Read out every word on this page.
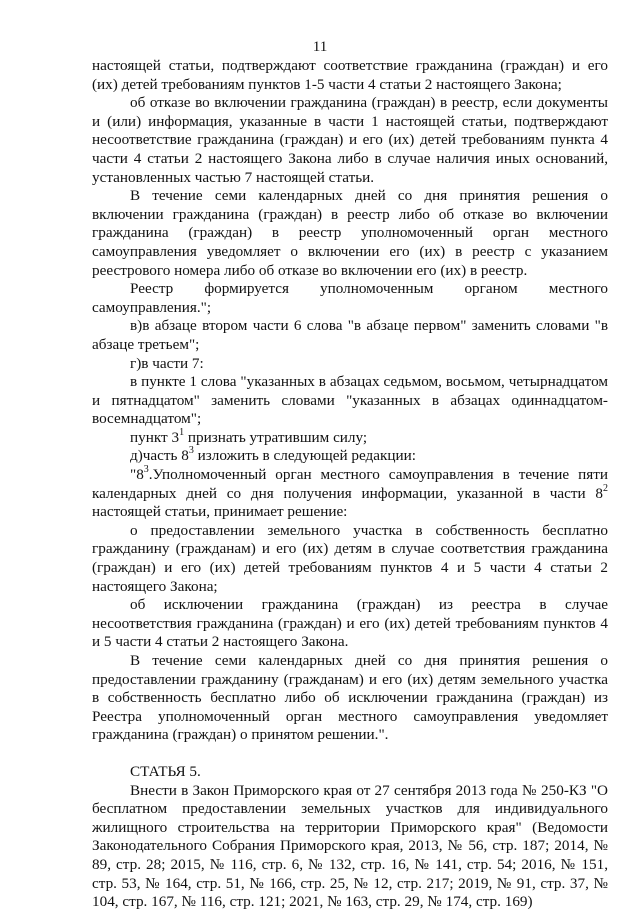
11

настоящей статьи, подтверждают соответствие гражданина (граждан) и его (их) детей требованиям пунктов 1-5 части 4 статьи 2 настоящего Закона;

об отказе во включении гражданина (граждан) в реестр, если документы и (или) информация, указанные в части 1 настоящей статьи, подтверждают несоответствие гражданина (граждан) и его (их) детей требованиям пункта 4 части 4 статьи 2 настоящего Закона либо в случае наличия иных оснований, установленных частью 7 настоящей статьи.

В течение семи календарных дней со дня принятия решения о включении гражданина (граждан) в реестр либо об отказе во включении гражданина (граждан) в реестр уполномоченный орган местного самоуправления уведомляет о включении его (их) в реестр с указанием реестрового номера либо об отказе во включении его (их) в реестр.

Реестр формируется уполномоченным органом местного самоуправления.";

в)в абзаце втором части 6 слова "в абзаце первом" заменить словами "в абзаце третьем";

г)в части 7:

в пункте 1 слова "указанных в абзацах седьмом, восьмом, четырнадцатом и пятнадцатом" заменить словами "указанных в абзацах одиннадцатом-восемнадцатом";

пункт $3^1$ признать утратившим силу;

д)часть $8^3$ изложить в следующей редакции:

"$8^3.Уполномоченный$ орган местного самоуправления в течение пяти календарных дней со дня получения информации, указанной в части $8^2$ настоящей статьи, принимает решение:

о предоставлении земельного участка в собственность бесплатно гражданину (гражданам) и его (их) детям в случае соответствия гражданина (граждан) и его (их) детей требованиям пунктов 4 и 5 части 4 статьи 2 настоящего Закона;

об исключении гражданина (граждан) из реестра в случае несоответствия гражданина (граждан) и его (их) детей требованиям пунктов 4 и 5 части 4 статьи 2 настоящего Закона.

В течение семи календарных дней со дня принятия решения о предоставлении гражданину (гражданам) и его (их) детям земельного участка в собственность бесплатно либо об исключении гражданина (граждан) из Реестра уполномоченный орган местного самоуправления уведомляет гражданина (граждан) о принятом решении.".

СТАТЬЯ 5.

Внести в Закон Приморского края от 27 сентября 2013 года № 250-КЗ "О бесплатном предоставлении земельных участков для индивидуального жилищного строительства на территории Приморского края" (Ведомости Законодательного Собрания Приморского края, 2013, № 56, стр. 187; 2014, № 89, стр. 28; 2015, № 116, стр. 6, № 132, стр. 16, № 141, стр. 54; 2016, № 151, стр. 53, № 164, стр. 51, № 166, стр. 25, № 12, стр. 217; 2019, № 91, стр. 37, № 104, стр. 167, № 116, стр. 121; 2021, № 163, стр. 29, № 174, стр. 169)
